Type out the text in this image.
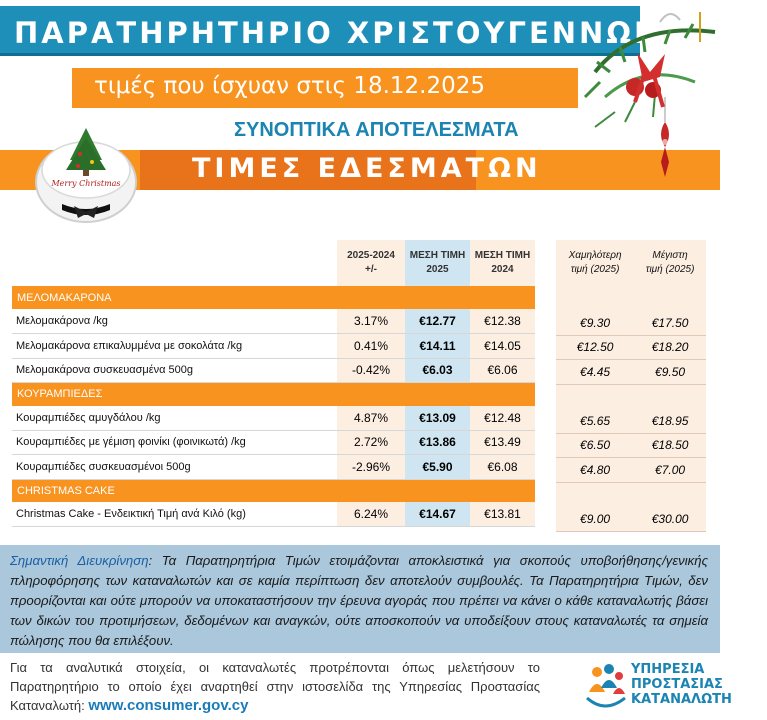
ΠΑΡΑΤΗΡΗΤΗΡΙΟ ΧΡΙΣΤΟΥΓΕΝΝΩΝ 2025
τιμές που ίσχυαν στις 18.12.2025
ΣΥΝΟΠΤΙΚΑ ΑΠΟΤΕΛΕΣΜΑΤΑ
ΤΙΜΕΣ ΕΔΕΣΜΑΤΩΝ
Merry Christmas
	2025-2024
+/-	ΜΕΣΗ ΤΙΜΗ
2025	ΜΕΣΗ ΤΙΜΗ
2024
ΜΕΛΟΜΑΚΑΡΟΝΑ			
Μελομακάρονα /kg	3.17%	€12.77	€12.38
Μελομακάρονα επικαλυμμένα με σοκολάτα /kg	0.41%	€14.11	€14.05
Μελομακάρονα συσκευασμένα 500g	-0.42%	€6.03	€6.06
ΚΟΥΡΑΜΠΙΕΔΕΣ			
Κουραμπιέδες αμυγδάλου /kg	4.87%	€13.09	€12.48
Κουραμπιέδες με γέμιση φοινίκι (φοινικωτά) /kg	2.72%	€13.86	€13.49
Κουραμπιέδες συσκευασμένοι 500g	-2.96%	€5.90	€6.08
CHRISTMAS CAKE			
Christmas Cake - Ενδεικτική Τιμή ανά Κιλό (kg)	6.24%	€14.67	€13.81
Χαμηλότερη
τιμή (2025)	Μέγιστη
τιμή (2025)

€9.30	€17.50
€12.50	€18.20
€4.45	€9.50

€5.65	€18.95
€6.50	€18.50
€4.80	€7.00

€9.00	€30.00

Σημαντική Διευκρίνηση: Τα Παρατηρητήρια Τιμών ετοιμάζονται αποκλειστικά για σκοπούς υποβοήθησης/γενικής πληροφόρησης των καταναλωτών και σε καμία περίπτωση δεν αποτελούν συμβουλές. Τα Παρατηρητήρια Τιμών, δεν προορίζονται και ούτε μπορούν να υποκαταστήσουν την έρευνα αγοράς που πρέπει να κάνει ο κάθε καταναλωτής βάσει των δικών του προτιμήσεων, δεδομένων και αναγκών, ούτε αποσκοπούν να υποδείξουν στους καταναλωτές τα σημεία πώλησης που θα επιλέξουν.

Για τα αναλυτικά στοιχεία, οι καταναλωτές προτρέπονται όπως μελετήσουν το Παρατηρητήριο το οποίο έχει αναρτηθεί στην ιστοσελίδα της Υπηρεσίας Προστασίας Καταναλωτή: www.consumer.gov.cy
ΥΠΗΡΕΣΙΑ
ΠΡΟΣΤΑΣΙΑΣ
ΚΑΤΑΝΑΛΩΤΗ
